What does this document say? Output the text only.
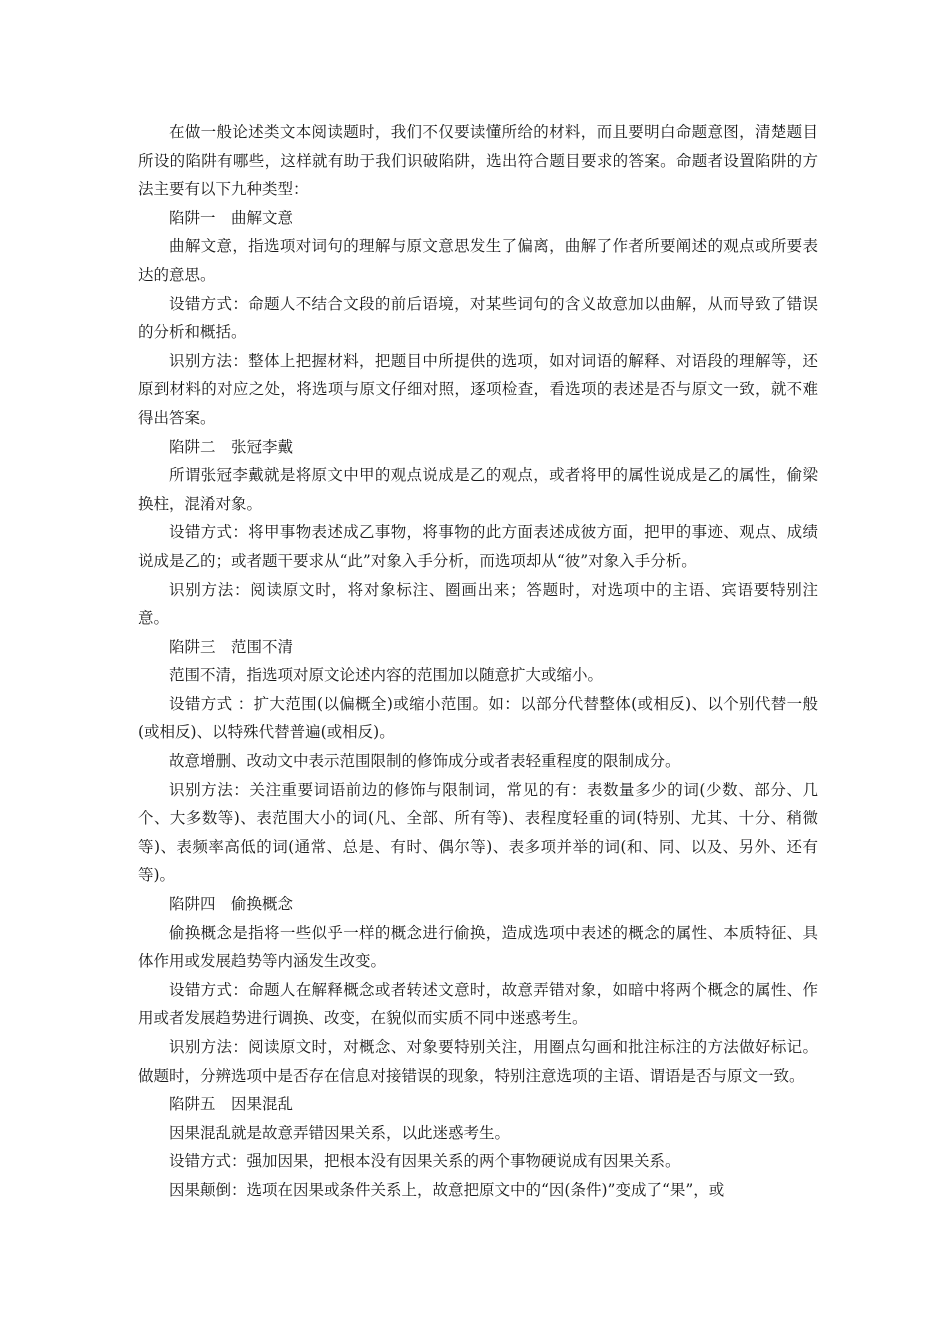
在做一般论述类文本阅读题时，我们不仅要读懂所给的材料，而且要明白命题意图，清楚题目所设的陷阱有哪些，这样就有助于我们识破陷阱，选出符合题目要求的答案。命题者设置陷阱的方法主要有以下九种类型：

陷阱一　曲解文意

曲解文意，指选项对词句的理解与原文意思发生了偏离，曲解了作者所要阐述的观点或所要表达的意思。

设错方式：命题人不结合文段的前后语境，对某些词句的含义故意加以曲解，从而导致了错误的分析和概括。

识别方法：整体上把握材料，把题目中所提供的选项，如对词语的解释、对语段的理解等，还原到材料的对应之处，将选项与原文仔细对照，逐项检查，看选项的表述是否与原文一致，就不难得出答案。

陷阱二　张冠李戴

所谓张冠李戴就是将原文中甲的观点说成是乙的观点，或者将甲的属性说成是乙的属性，偷梁换柱，混淆对象。

设错方式：将甲事物表述成乙事物，将事物的此方面表述成彼方面，把甲的事迹、观点、成绩说成是乙的；或者题干要求从“此”对象入手分析，而选项却从“彼”对象入手分析。

识别方法：阅读原文时，将对象标注、圈画出来；答题时，对选项中的主语、宾语要特别注意。

陷阱三　范围不清

范围不清，指选项对原文论述内容的范围加以随意扩大或缩小。

设错方式 ：扩大范围(以偏概全)或缩小范围。如：以部分代替整体(或相反)、以个别代替一般(或相反)、以特殊代替普遍(或相反)。

故意增删、改动文中表示范围限制的修饰成分或者表轻重程度的限制成分。

识别方法：关注重要词语前边的修饰与限制词，常见的有：表数量多少的词(少数、部分、几个、大多数等)、表范围大小的词(凡、全部、所有等)、表程度轻重的词(特别、尤其、十分、稍微等)、表频率高低的词(通常、总是、有时、偶尔等)、表多项并举的词(和、同、以及、另外、还有等)。

陷阱四　偷换概念

偷换概念是指将一些似乎一样的概念进行偷换，造成选项中表述的概念的属性、本质特征、具体作用或发展趋势等内涵发生改变。

设错方式：命题人在解释概念或者转述文意时，故意弄错对象，如暗中将两个概念的属性、作用或者发展趋势进行调换、改变，在貌似而实质不同中迷惑考生。

识别方法：阅读原文时，对概念、对象要特别关注，用圈点勾画和批注标注的方法做好标记。做题时，分辨选项中是否存在信息对接错误的现象，特别注意选项的主语、谓语是否与原文一致。

陷阱五　因果混乱

因果混乱就是故意弄错因果关系，以此迷惑考生。

设错方式：强加因果，把根本没有因果关系的两个事物硬说成有因果关系。

因果颠倒：选项在因果或条件关系上，故意把原文中的“因(条件)”变成了“果”，或
